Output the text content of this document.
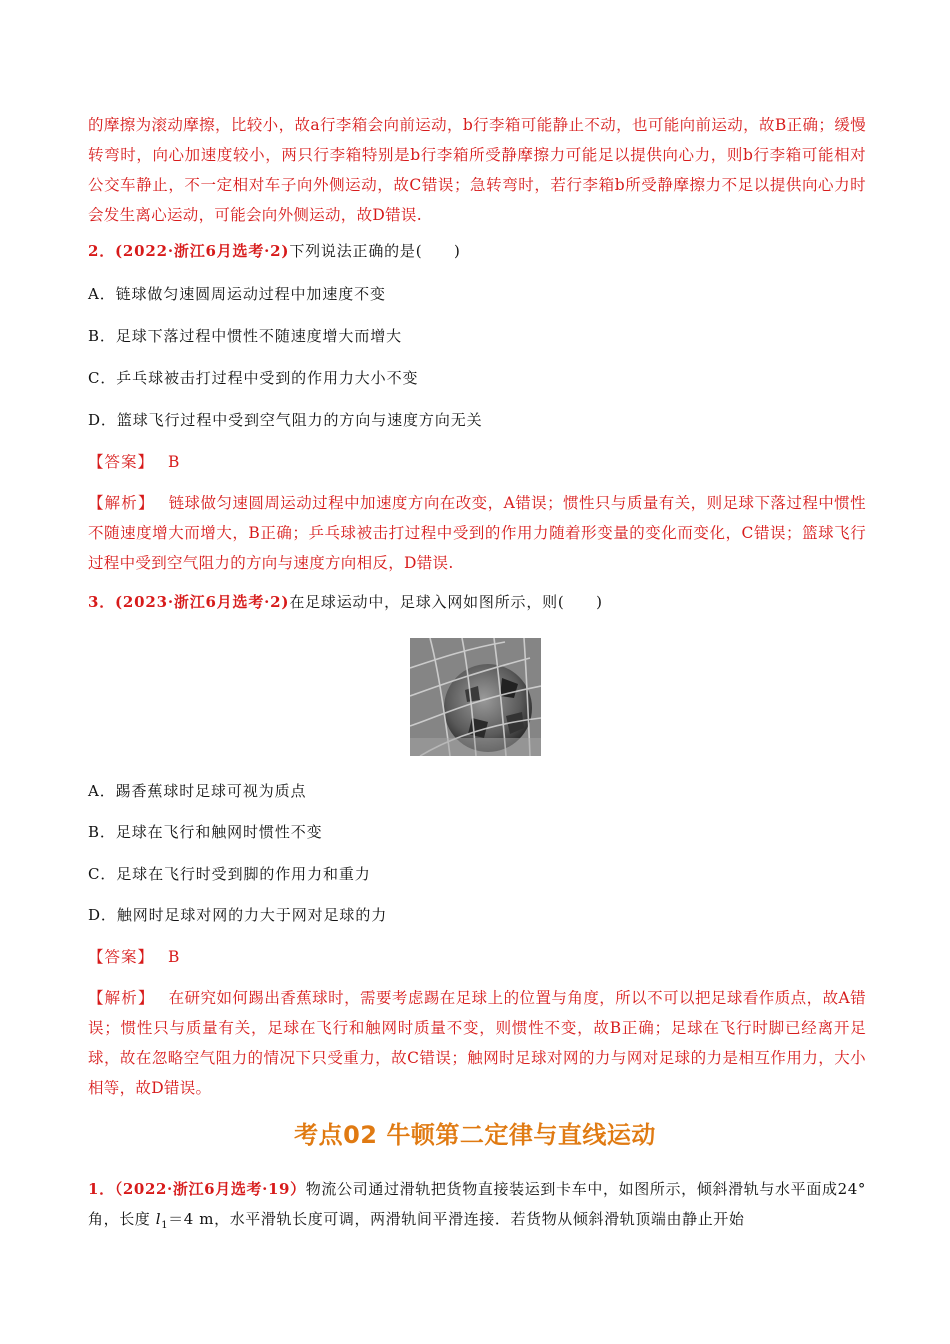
的摩擦为滚动摩擦，比较小，故a行李箱会向前运动，b行李箱可能静止不动，也可能向前运动，故B正确；缓慢转弯时，向心加速度较小，两只行李箱特别是b行李箱所受静摩擦力可能足以提供向心力，则b行李箱可能相对公交车静止，不一定相对车子向外侧运动，故C错误；急转弯时，若行李箱b所受静摩擦力不足以提供向心力时会发生离心运动，可能会向外侧运动，故D错误.
2．(2022·浙江6月选考·2)下列说法正确的是(　　)
A．链球做匀速圆周运动过程中加速度不变
B．足球下落过程中惯性不随速度增大而增大
C．乒乓球被击打过程中受到的作用力大小不变
D．篮球飞行过程中受到空气阻力的方向与速度方向无关
【答案】 B
【解析】 链球做匀速圆周运动过程中加速度方向在改变，A错误；惯性只与质量有关，则足球下落过程中惯性不随速度增大而增大，B正确；乒乓球被击打过程中受到的作用力随着形变量的变化而变化，C错误；篮球飞行过程中受到空气阻力的方向与速度方向相反，D错误.
3．(2023·浙江6月选考·2)在足球运动中，足球入网如图所示，则(　　)
A．踢香蕉球时足球可视为质点
B．足球在飞行和触网时惯性不变
C．足球在飞行时受到脚的作用力和重力
D．触网时足球对网的力大于网对足球的力
【答案】 B
【解析】 在研究如何踢出香蕉球时，需要考虑踢在足球上的位置与角度，所以不可以把足球看作质点，故A错误；惯性只与质量有关，足球在飞行和触网时质量不变，则惯性不变，故B正确；足球在飞行时脚已经离开足球，故在忽略空气阻力的情况下只受重力，故C错误；触网时足球对网的力与网对足球的力是相互作用力，大小相等，故D错误。
考点02 牛顿第二定律与直线运动
1．（2022·浙江6月选考·19）物流公司通过滑轨把货物直接装运到卡车中，如图所示，倾斜滑轨与水平面成24°角，长度 $l_1=4$ m，水平滑轨长度可调，两滑轨间平滑连接．若货物从倾斜滑轨顶端由静止开始
